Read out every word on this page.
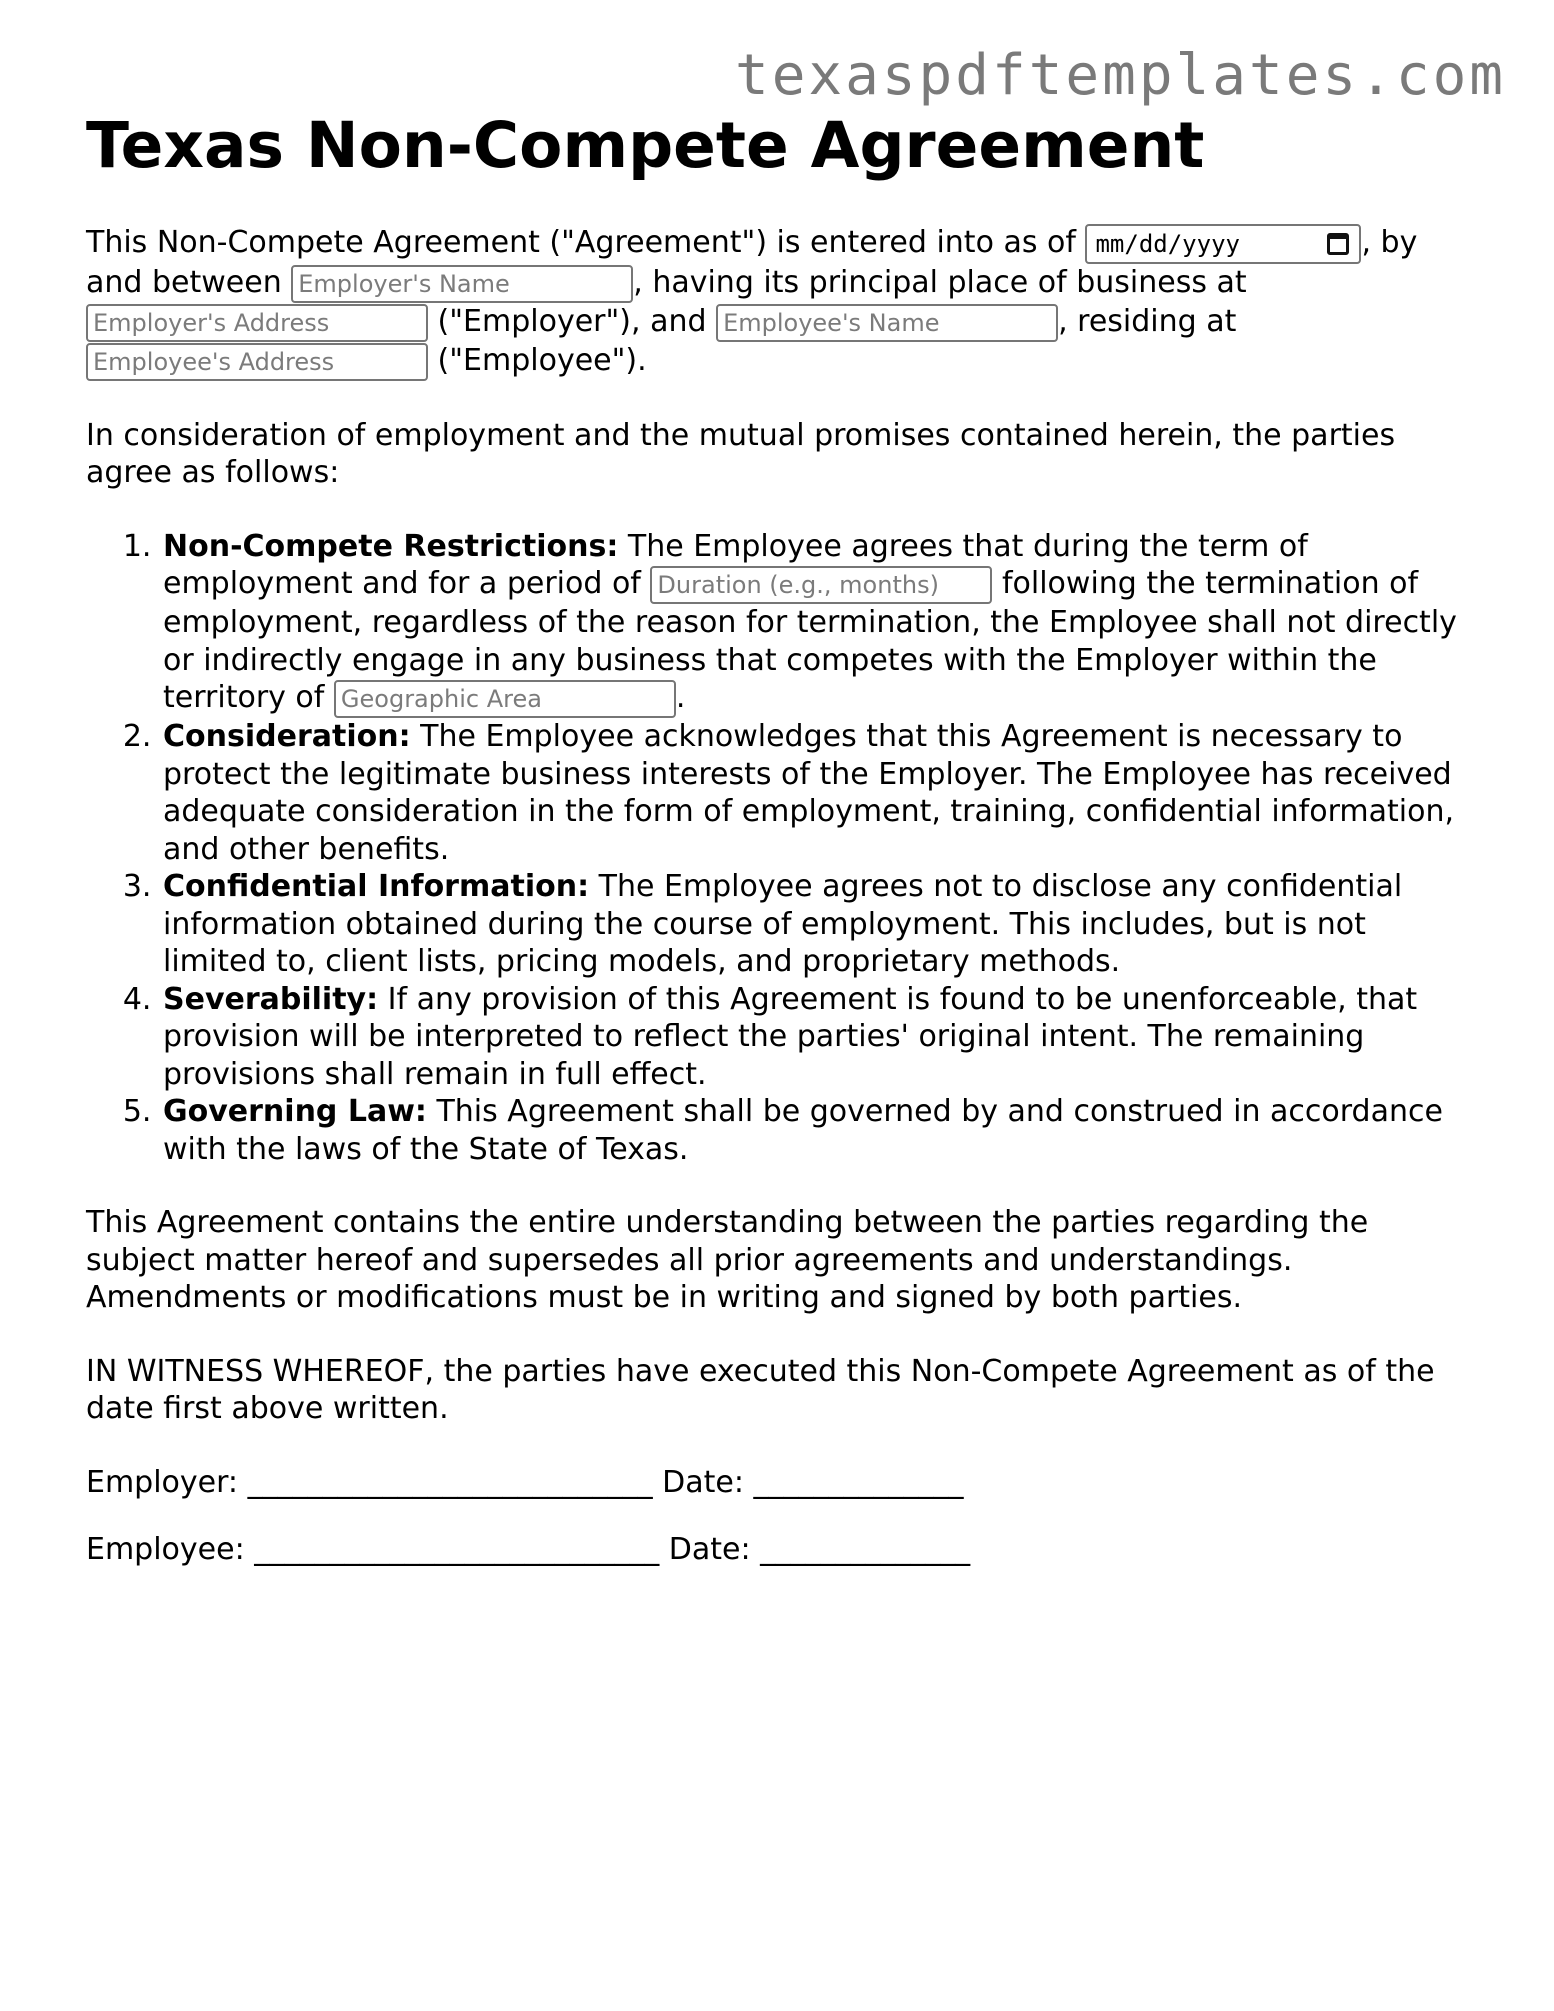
texaspdftemplates.com
Texas Non-Compete Agreement

This Non-Compete Agreement ("Agreement") is entered into as of mm/dd/yyyy	, by and between Employer's Name	, having its principal place of business at Employer's Address ("Employer"), and Employee's Name	, residing at Employee's Address ("Employee").

In consideration of employment and the mutual promises contained herein, the parties agree as follows:

1. Non-Compete Restrictions: The Employee agrees that during the term of employment and for a period of Duration (e.g., months)	following the termination of employment, regardless of the reason for termination, the Employee shall not directly or indirectly engage in any business that competes with the Employer within the territory of Geographic Area	.
2. Consideration: The Employee acknowledges that this Agreement is necessary to protect the legitimate business interests of the Employer. The Employee has received adequate consideration in the form of employment, training, confidential information, and other benefits.
3. Confidential Information: The Employee agrees not to disclose any confidential information obtained during the course of employment. This includes, but is not limited to, client lists, pricing models, and proprietary methods.
4. Severability: If any provision of this Agreement is found to be unenforceable, that provision will be interpreted to reflect the parties' original intent. The remaining provisions shall remain in full effect.
5. Governing Law: This Agreement shall be governed by and construed in accordance with the laws of the State of Texas.

This Agreement contains the entire understanding between the parties regarding the subject matter hereof and supersedes all prior agreements and understandings. Amendments or modifications must be in writing and signed by both parties.

IN WITNESS WHEREOF, the parties have executed this Non-Compete Agreement as of the date first above written.

Employer: ___________________________ Date: ______________

Employee: ___________________________ Date: ______________
